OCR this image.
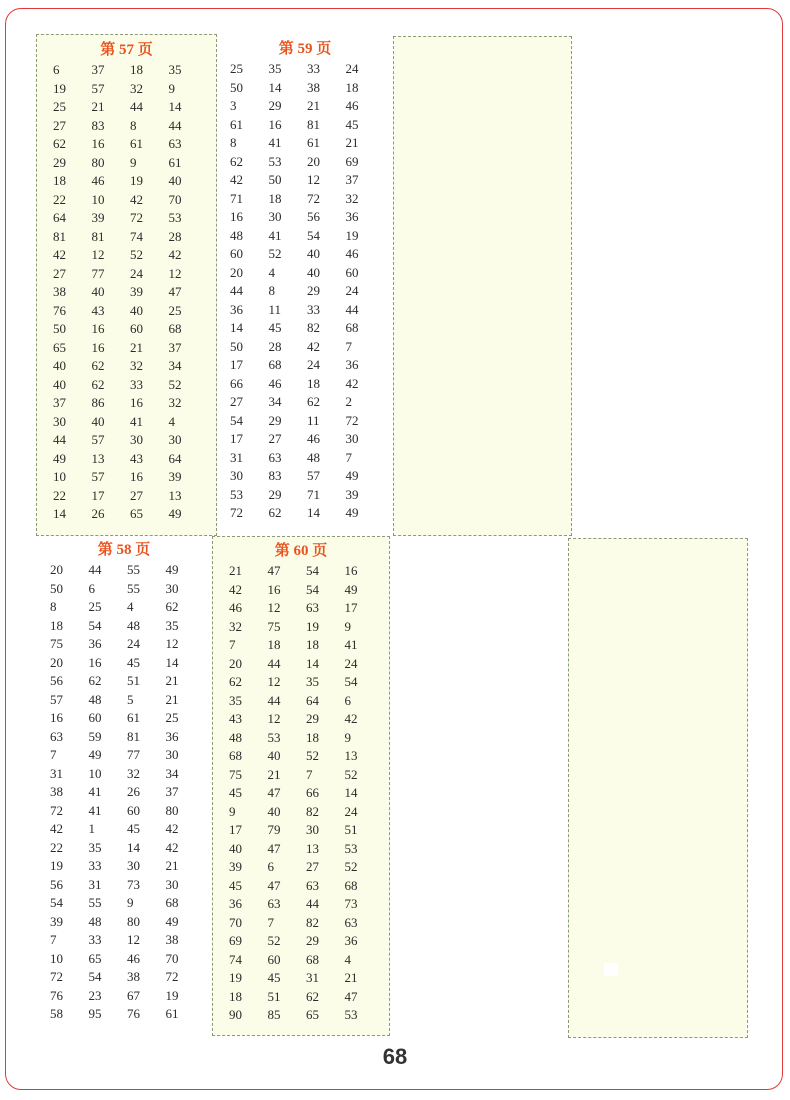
第 57 页
6 37 18 35
19 57 32 9
25 21 44 14
27 83 8 44
62 16 61 63
29 80 9 61
18 46 19 40
22 10 42 70
64 39 72 53
81 81 74 28
42 12 52 42
27 77 24 12
38 40 39 47
76 43 40 25
50 16 60 68
65 16 21 37
40 62 32 34
40 62 33 52
37 86 16 32
30 40 41 4
44 57 30 30
49 13 43 64
10 57 16 39
22 17 27 13
14 26 65 49
第 59 页
25 35 33 24
50 14 38 18
3 29 21 46
61 16 81 45
8 41 61 21
62 53 20 69
42 50 12 37
71 18 72 32
16 30 56 36
48 41 54 19
60 52 40 46
20 4 40 60
44 8 29 24
36 11 33 44
14 45 82 68
50 28 42 7
17 68 24 36
66 46 18 42
27 34 62 2
54 29 11 72
17 27 46 30
31 63 48 7
30 83 57 49
53 29 71 39
72 62 14 49
第 58 页
20 44 55 49
50 6 55 30
8 25 4 62
18 54 48 35
75 36 24 12
20 16 45 14
56 62 51 21
57 48 5 21
16 60 61 25
63 59 81 36
7 49 77 30
31 10 32 34
38 41 26 37
72 41 60 80
42 1 45 42
22 35 14 42
19 33 30 21
56 31 73 30
54 55 9 68
39 48 80 49
7 33 12 38
10 65 46 70
72 54 38 72
76 23 67 19
58 95 76 61
第 60 页
21 47 54 16
42 16 54 49
46 12 63 17
32 75 19 9
7 18 18 41
20 44 14 24
62 12 35 54
35 44 64 6
43 12 29 42
48 53 18 9
68 40 52 13
75 21 7 52
45 47 66 14
9 40 82 24
17 79 30 51
40 47 13 53
39 6 27 52
45 47 63 68
36 63 44 73
70 7 82 63
69 52 29 36
74 60 68 4
19 45 31 21
18 51 62 47
90 85 65 53
68
